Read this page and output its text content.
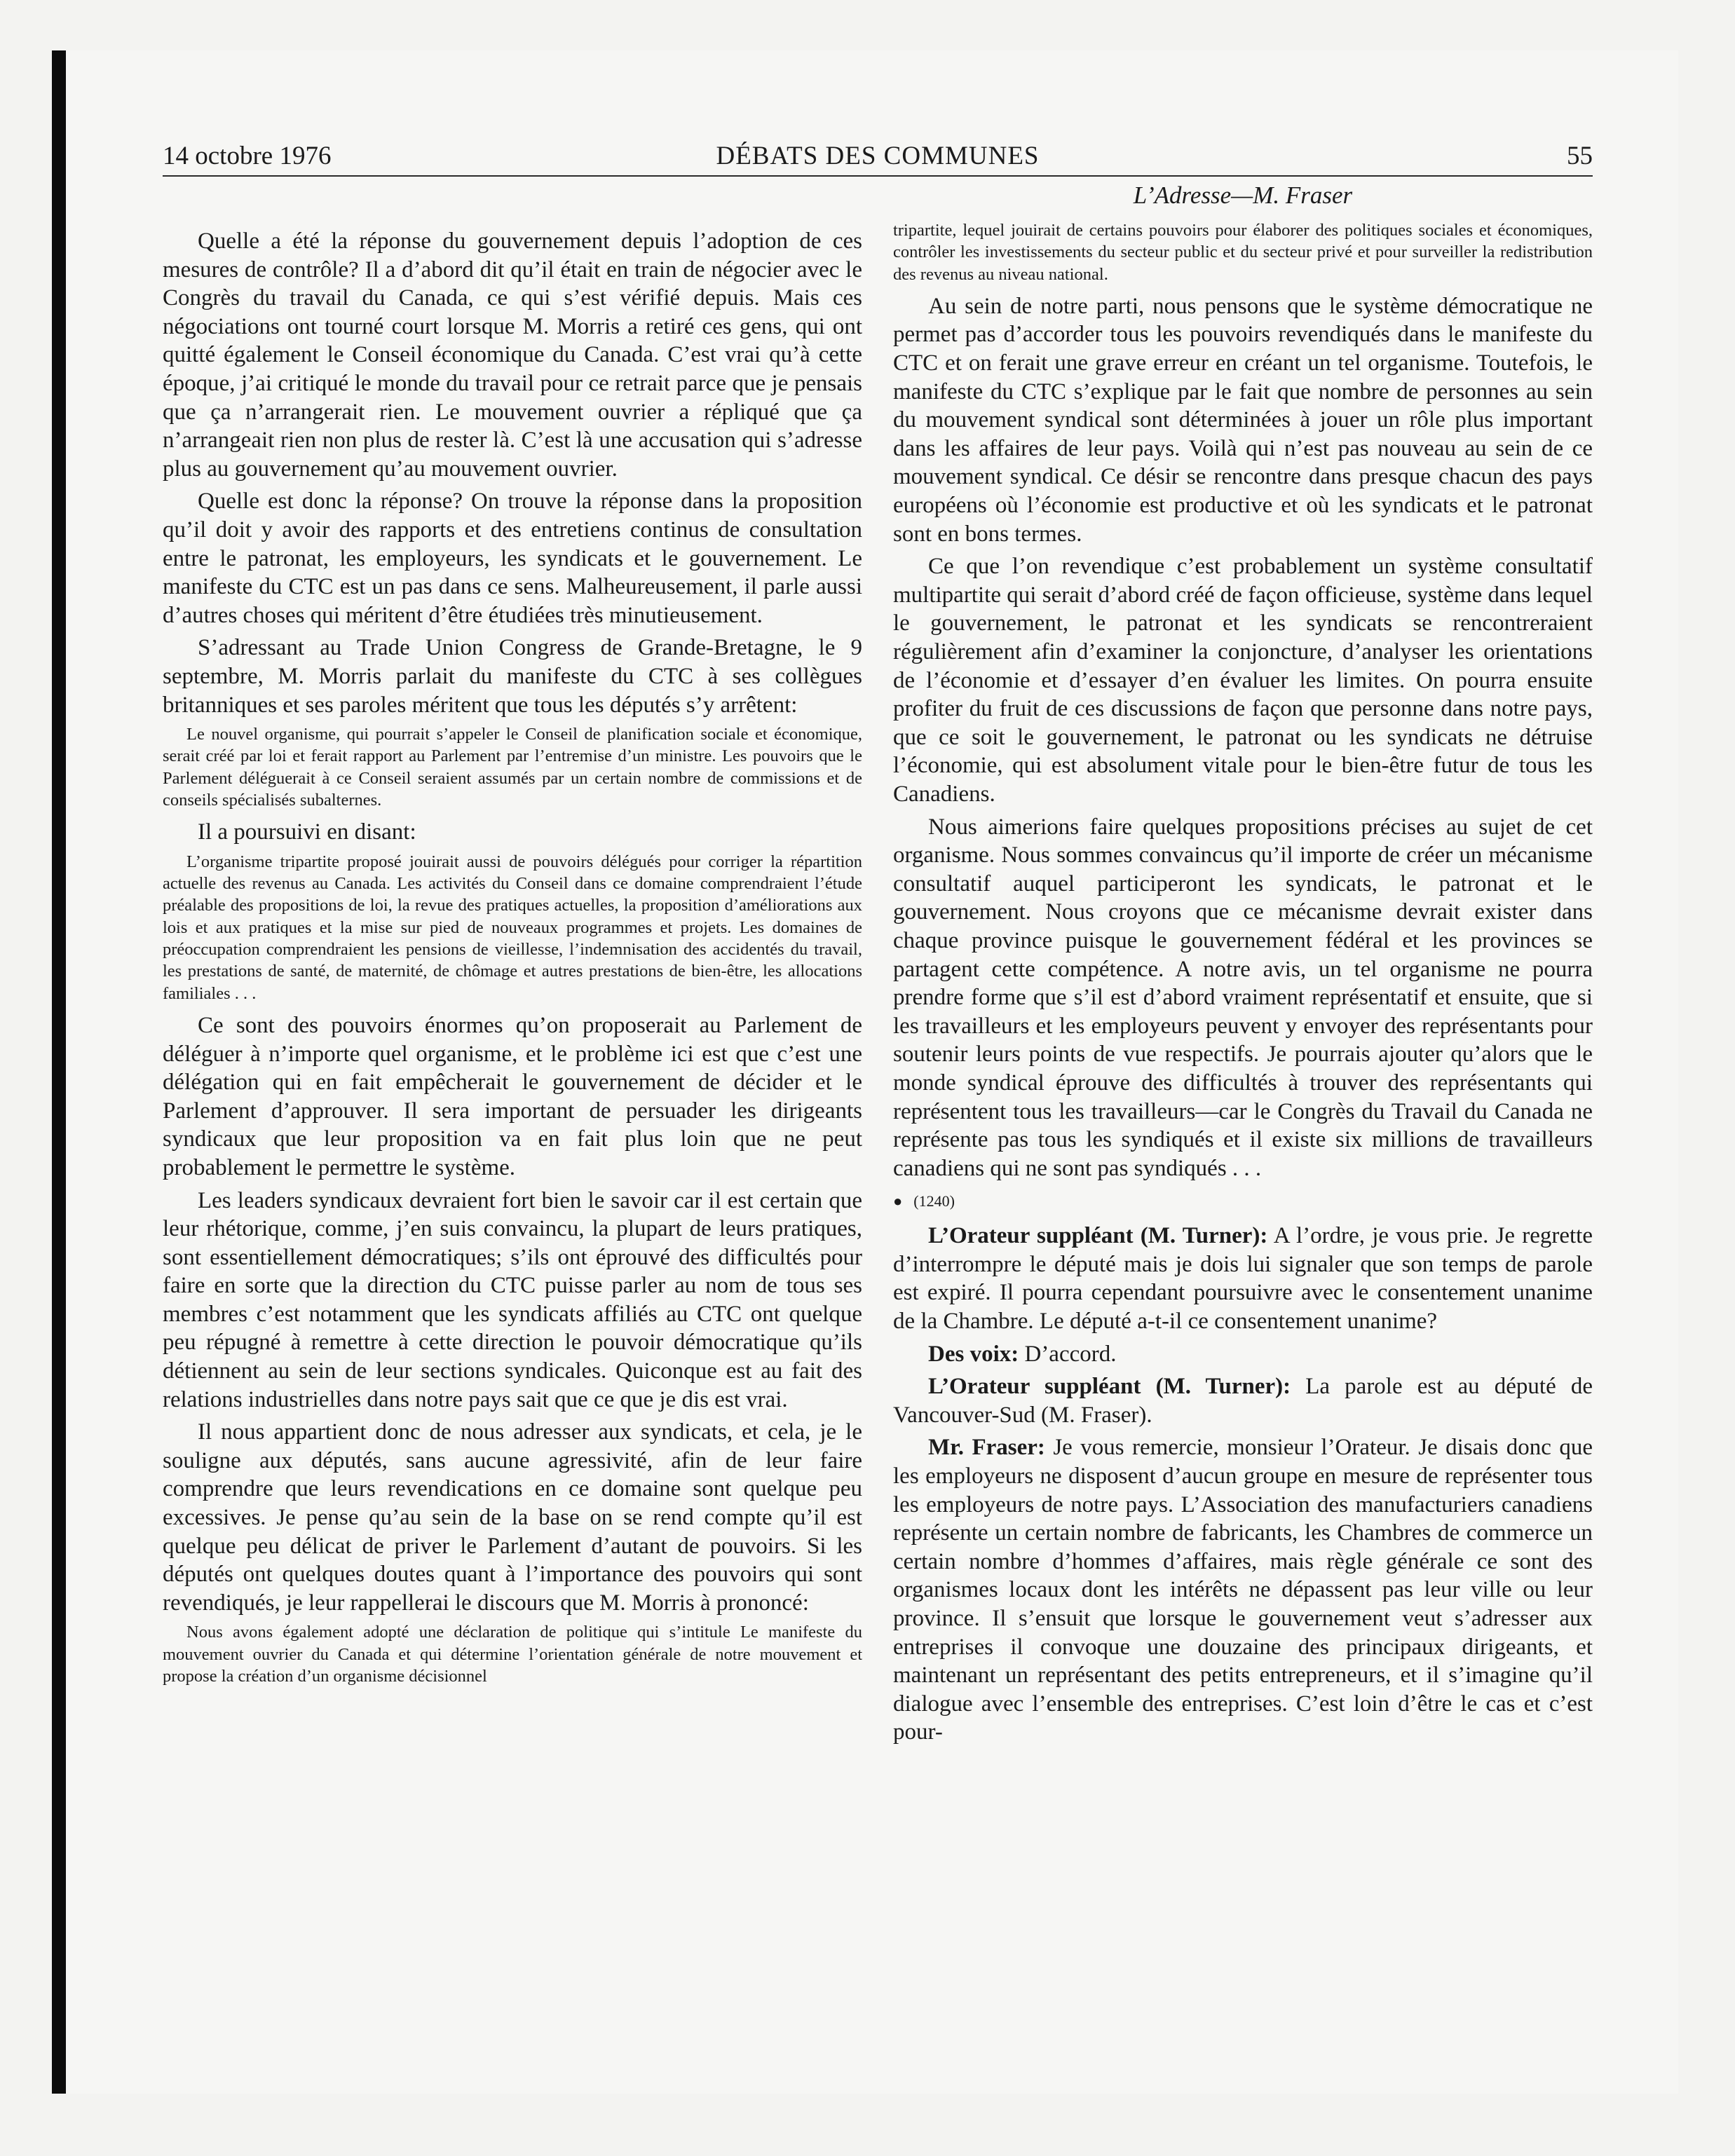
14 octobre 1976	DÉBATS DES COMMUNES	55

Quelle a été la réponse du gouvernement depuis l’adoption de ces mesures de contrôle? Il a d’abord dit qu’il était en train de négocier avec le Congrès du travail du Canada, ce qui s’est vérifié depuis. Mais ces négociations ont tourné court lorsque M. Morris a retiré ces gens, qui ont quitté également le Conseil économique du Canada. C’est vrai qu’à cette époque, j’ai critiqué le monde du travail pour ce retrait parce que je pensais que ça n’arrangerait rien. Le mouvement ouvrier a répliqué que ça n’arrangeait rien non plus de rester là. C’est là une accusation qui s’adresse plus au gouvernement qu’au mouvement ouvrier.

Quelle est donc la réponse? On trouve la réponse dans la proposition qu’il doit y avoir des rapports et des entretiens continus de consultation entre le patronat, les employeurs, les syndicats et le gouvernement. Le manifeste du CTC est un pas dans ce sens. Malheureusement, il parle aussi d’autres choses qui méritent d’être étudiées très minutieusement.

S’adressant au Trade Union Congress de Grande-Bretagne, le 9 septembre, M. Morris parlait du manifeste du CTC à ses collègues britanniques et ses paroles méritent que tous les députés s’y arrêtent:

Le nouvel organisme, qui pourrait s’appeler le Conseil de planification sociale et économique, serait créé par loi et ferait rapport au Parlement par l’entremise d’un ministre. Les pouvoirs que le Parlement déléguerait à ce Conseil seraient assumés par un certain nombre de commissions et de conseils spécialisés subalternes.

Il a poursuivi en disant:

L’organisme tripartite proposé jouirait aussi de pouvoirs délégués pour corriger la répartition actuelle des revenus au Canada. Les activités du Conseil dans ce domaine comprendraient l’étude préalable des propositions de loi, la revue des pratiques actuelles, la proposition d’améliorations aux lois et aux pratiques et la mise sur pied de nouveaux programmes et projets. Les domaines de préoccupation comprendraient les pensions de vieillesse, l’indemnisation des accidentés du travail, les prestations de santé, de maternité, de chômage et autres prestations de bien-être, les allocations familiales . . .

Ce sont des pouvoirs énormes qu’on proposerait au Parlement de déléguer à n’importe quel organisme, et le problème ici est que c’est une délégation qui en fait empêcherait le gouvernement de décider et le Parlement d’approuver. Il sera important de persuader les dirigeants syndicaux que leur proposition va en fait plus loin que ne peut probablement le permettre le système.

Les leaders syndicaux devraient fort bien le savoir car il est certain que leur rhétorique, comme, j’en suis convaincu, la plupart de leurs pratiques, sont essentiellement démocratiques; s’ils ont éprouvé des difficultés pour faire en sorte que la direction du CTC puisse parler au nom de tous ses membres c’est notamment que les syndicats affiliés au CTC ont quelque peu répugné à remettre à cette direction le pouvoir démocratique qu’ils détiennent au sein de leur sections syndicales. Quiconque est au fait des relations industrielles dans notre pays sait que ce que je dis est vrai.

Il nous appartient donc de nous adresser aux syndicats, et cela, je le souligne aux députés, sans aucune agressivité, afin de leur faire comprendre que leurs revendications en ce domaine sont quelque peu excessives. Je pense qu’au sein de la base on se rend compte qu’il est quelque peu délicat de priver le Parlement d’autant de pouvoirs. Si les députés ont quelques doutes quant à l’importance des pouvoirs qui sont revendiqués, je leur rappellerai le discours que M. Morris à prononcé:

Nous avons également adopté une déclaration de politique qui s’intitule Le manifeste du mouvement ouvrier du Canada et qui détermine l’orientation générale de notre mouvement et propose la création d’un organisme décisionnel

L’Adresse—M. Fraser

tripartite, lequel jouirait de certains pouvoirs pour élaborer des politiques sociales et économiques, contrôler les investissements du secteur public et du secteur privé et pour surveiller la redistribution des revenus au niveau national.

Au sein de notre parti, nous pensons que le système démocratique ne permet pas d’accorder tous les pouvoirs revendiqués dans le manifeste du CTC et on ferait une grave erreur en créant un tel organisme. Toutefois, le manifeste du CTC s’explique par le fait que nombre de personnes au sein du mouvement syndical sont déterminées à jouer un rôle plus important dans les affaires de leur pays. Voilà qui n’est pas nouveau au sein de ce mouvement syndical. Ce désir se rencontre dans presque chacun des pays européens où l’économie est productive et où les syndicats et le patronat sont en bons termes.

Ce que l’on revendique c’est probablement un système consultatif multipartite qui serait d’abord créé de façon officieuse, système dans lequel le gouvernement, le patronat et les syndicats se rencontreraient régulièrement afin d’examiner la conjoncture, d’analyser les orientations de l’économie et d’essayer d’en évaluer les limites. On pourra ensuite profiter du fruit de ces discussions de façon que personne dans notre pays, que ce soit le gouvernement, le patronat ou les syndicats ne détruise l’économie, qui est absolument vitale pour le bien-être futur de tous les Canadiens.

Nous aimerions faire quelques propositions précises au sujet de cet organisme. Nous sommes convaincus qu’il importe de créer un mécanisme consultatif auquel participeront les syndicats, le patronat et le gouvernement. Nous croyons que ce mécanisme devrait exister dans chaque province puisque le gouvernement fédéral et les provinces se partagent cette compétence. A notre avis, un tel organisme ne pourra prendre forme que s’il est d’abord vraiment représentatif et ensuite, que si les travailleurs et les employeurs peuvent y envoyer des représentants pour soutenir leurs points de vue respectifs. Je pourrais ajouter qu’alors que le monde syndical éprouve des difficultés à trouver des représentants qui représentent tous les travailleurs—car le Congrès du Travail du Canada ne représente pas tous les syndiqués et il existe six millions de travailleurs canadiens qui ne sont pas syndiqués . . .

● (1240)

L’Orateur suppléant (M. Turner): A l’ordre, je vous prie. Je regrette d’interrompre le député mais je dois lui signaler que son temps de parole est expiré. Il pourra cependant poursuivre avec le consentement unanime de la Chambre. Le député a-t-il ce consentement unanime?

Des voix: D’accord.

L’Orateur suppléant (M. Turner): La parole est au député de Vancouver-Sud (M. Fraser).

Mr. Fraser: Je vous remercie, monsieur l’Orateur. Je disais donc que les employeurs ne disposent d’aucun groupe en mesure de représenter tous les employeurs de notre pays. L’Association des manufacturiers canadiens représente un certain nombre de fabricants, les Chambres de commerce un certain nombre d’hommes d’affaires, mais règle générale ce sont des organismes locaux dont les intérêts ne dépassent pas leur ville ou leur province. Il s’ensuit que lorsque le gouvernement veut s’adresser aux entreprises il convoque une douzaine des principaux dirigeants, et maintenant un représentant des petits entrepreneurs, et il s’imagine qu’il dialogue avec l’ensemble des entreprises. C’est loin d’être le cas et c’est pour-
